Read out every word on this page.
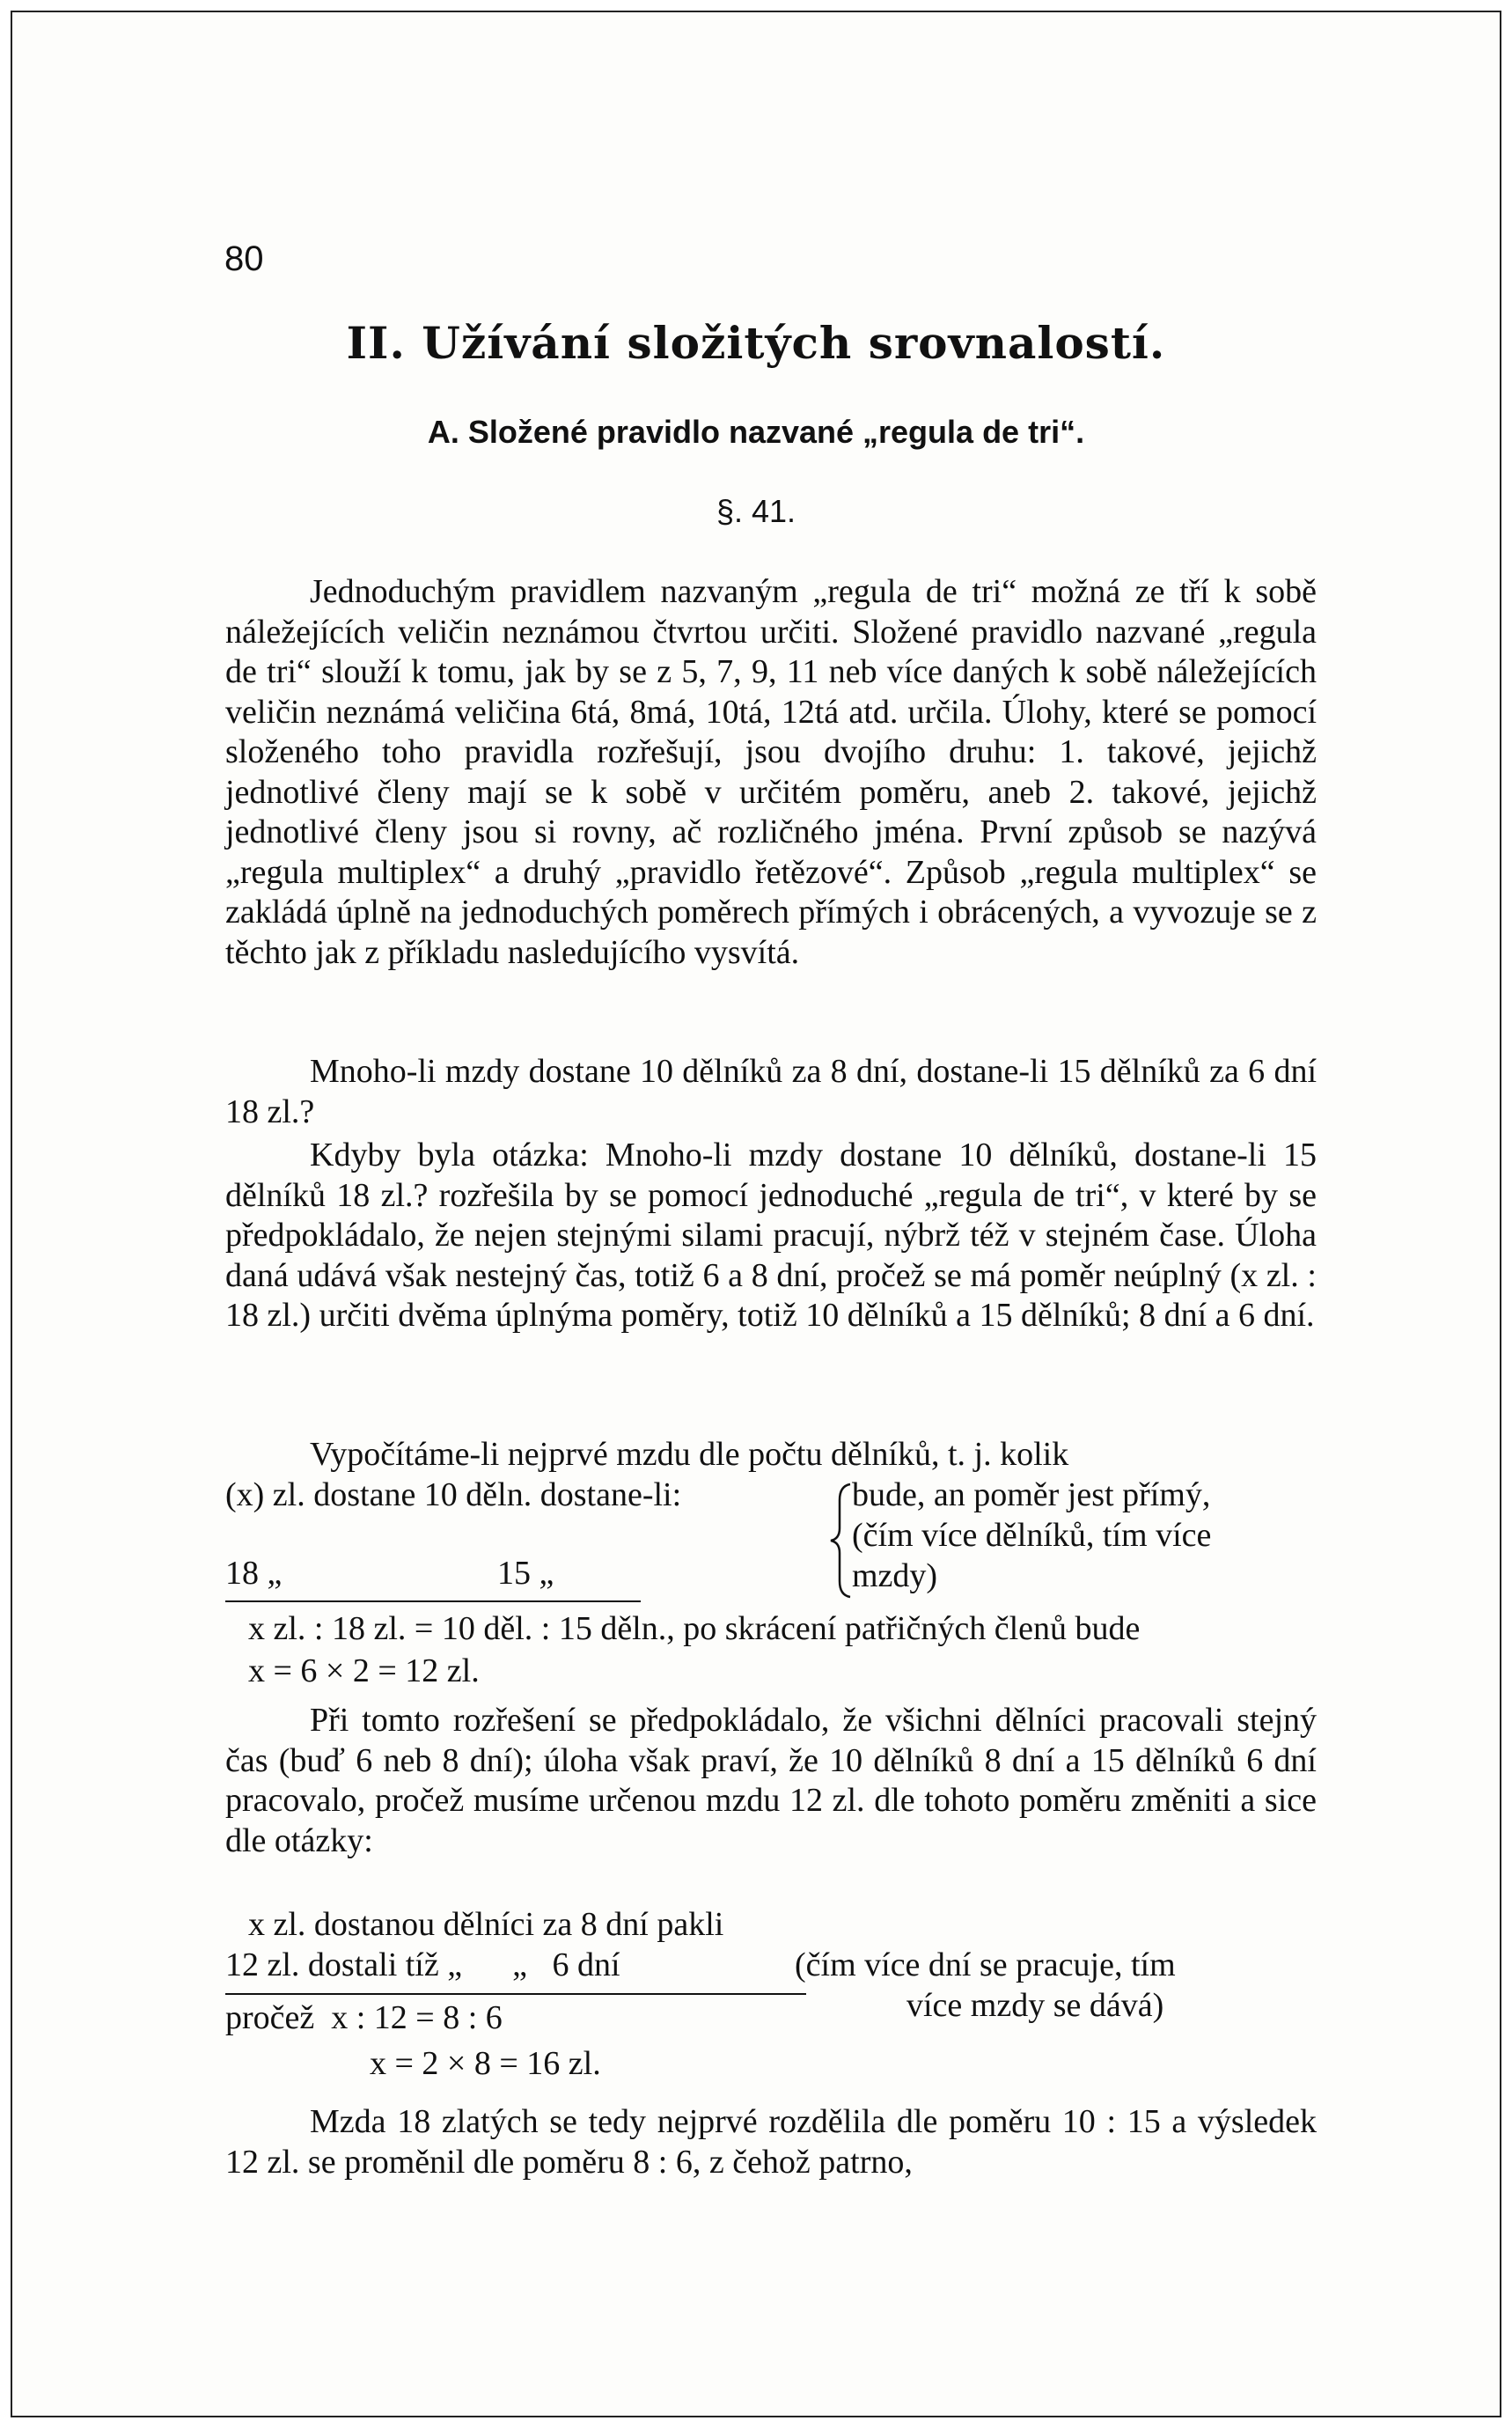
80
II. Užívání složitých srovnalostí.
A. Složené pravidlo nazvané „regula de tri“.
§. 41.
Jednoduchým pravidlem nazvaným „regula de tri“ možná ze tří k sobě náležejících veličin neznámou čtvrtou určiti. Složené pravidlo nazvané „regula de tri“ slouží k tomu, jak by se z 5, 7, 9, 11 neb více daných k sobě náležejících veličin neznámá veličina 6tá, 8má, 10tá, 12tá atd. určila. Úlohy, které se pomocí složeného toho pravidla rozřešují, jsou dvojího druhu: 1. takové, jejichž jednotlivé členy mají se k sobě v určitém poměru, aneb 2. takové, jejichž jednotlivé členy jsou si rovny, ač rozličného jména. První způsob se nazývá „regula multiplex“ a druhý „pravidlo řetězové“. Způsob „regula multiplex“ se zakládá úplně na jednoduchých poměrech přímých i obrácených, a vyvozuje se z těchto jak z příkladu nasledujícího vysvítá.
Mnoho-li mzdy dostane 10 dělníků za 8 dní, dostane-li 15 dělníků za 6 dní 18 zl.?
Kdyby byla otázka: Mnoho-li mzdy dostane 10 dělníků, dostane-li 15 dělníků 18 zl.? rozřešila by se pomocí jednoduché „regula de tri“, v které by se předpokládalo, že nejen stejnými silami pracují, nýbrž též v stejném čase. Úloha daná udává však nestejný čas, totiž 6 a 8 dní, pročež se má poměr neúplný (x zl. : 18 zl.) určiti dvěma úplnýma poměry, totiž 10 dělníků a 15 dělníků; 8 dní a 6 dní.
Vypočítáme-li nejprvé mzdu dle počtu dělníků, t. j. kolik
(x) zl. dostane 10 děln. dostane-li:
18 „	15 „
bude, an poměr jest přímý,
(čím více dělníků, tím více
mzdy)
x zl. : 18 zl. = 10 děl. : 15 děln., po skrácení patřičných členů bude
x = 6 × 2 = 12 zl.
Při tomto rozřešení se předpokládalo, že všichni dělníci pracovali stejný čas (buď 6 neb 8 dní); úloha však praví, že 10 dělníků 8 dní a 15 dělníků 6 dní pracovalo, pročež musíme určenou mzdu 12 zl. dle tohoto poměru změniti a sice dle otázky:
x zl. dostanou dělníci za 8 dní pakli
12 zl. dostali tíž „      „   6 dní	(čím více dní se pracuje, tím
více mzdy se dává)
pročež  x : 12 = 8 : 6
x = 2 × 8 = 16 zl.
Mzda 18 zlatých se tedy nejprvé rozdělila dle poměru 10 : 15 a výsledek 12 zl. se proměnil dle poměru 8 : 6, z čehož patrno,
